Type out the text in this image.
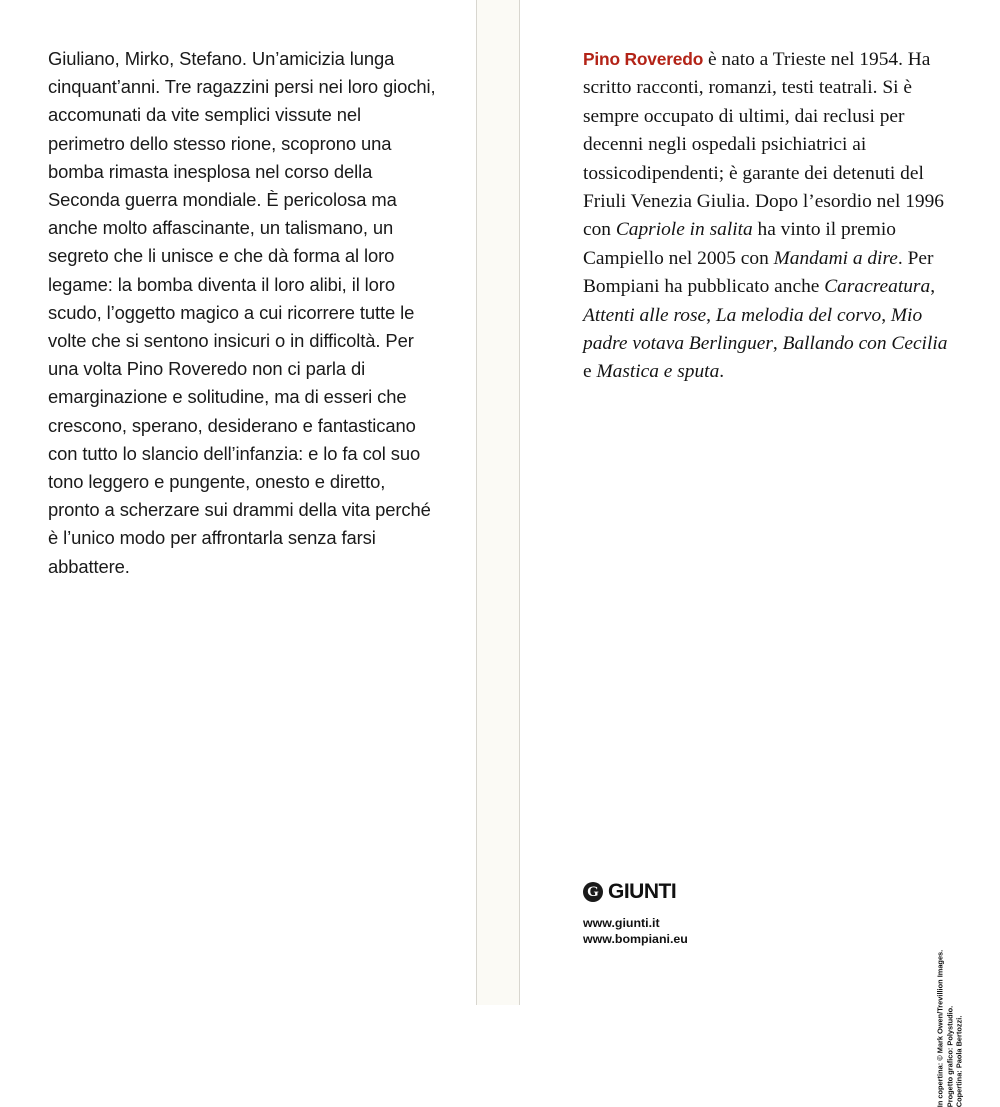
Giuliano, Mirko, Stefano. Un’amicizia lunga cinquant’anni. Tre ragazzini persi nei loro giochi, accomunati da vite semplici vissute nel perimetro dello stesso rione, scoprono una bomba rimasta inesplosa nel corso della Seconda guerra mondiale. È pericolosa ma anche molto affascinante, un talismano, un segreto che li unisce e che dà forma al loro legame: la bomba diventa il loro alibi, il loro scudo, l’oggetto magico a cui ricorrere tutte le volte che si sentono insicuri o in difficoltà. Per una volta Pino Roveredo non ci parla di emarginazione e solitudine, ma di esseri che crescono, sperano, desiderano e fantasticano con tutto lo slancio dell’infanzia: e lo fa col suo tono leggero e pungente, onesto e diretto, pronto a scherzare sui drammi della vita perché è l’unico modo per affrontarla senza farsi abbattere.

Pino Roveredo è nato a Trieste nel 1954. Ha scritto racconti, romanzi, testi teatrali. Si è sempre occupato di ultimi, dai reclusi per decenni negli ospedali psichiatrici ai tossicodipendenti; è garante dei detenuti del Friuli Venezia Giulia. Dopo l’esordio nel 1996 con Capriole in salita ha vinto il premio Campiello nel 2005 con Mandami a dire. Per Bompiani ha pubblicato anche Caracreatura, Attenti alle rose, La melodia del corvo, Mio padre votava Berlinguer, Ballando con Cecilia e Mastica e sputa.

G GIUNTI
www.giunti.it
www.bompiani.eu
In copertina: © Mark Owen/Trevillion Images. Progetto grafico: Polystudio. Copertina: Paola Bertozzi.
